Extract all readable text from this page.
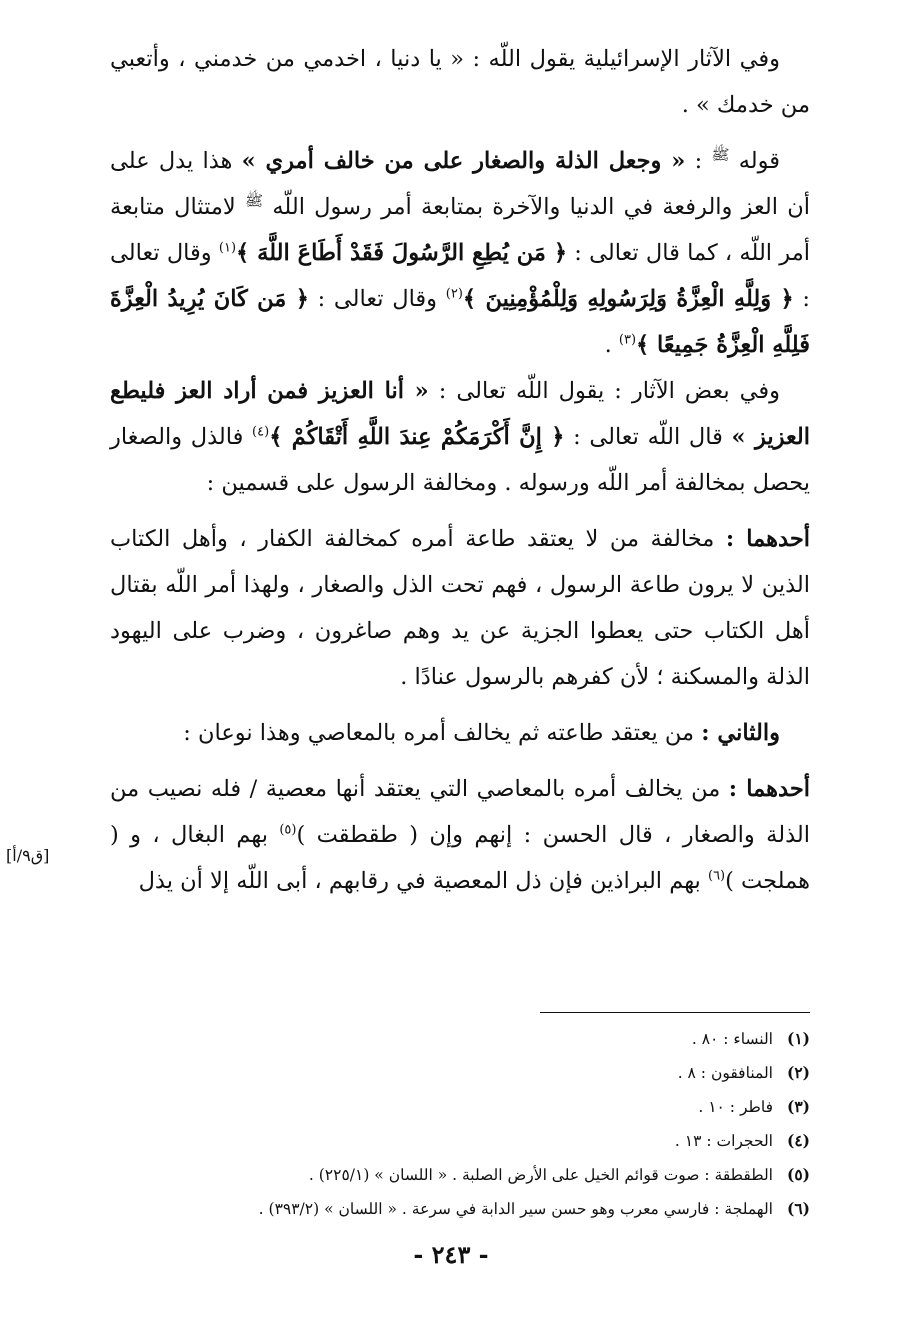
وفي الآثار الإسرائيلية يقول اللّه : « يا دنيا ، اخدمي من خدمني ، وأتعبي من خدمك » .

قوله $^ﷺ$ : « وجعل الذلة والصغار على من خالف أمري » هذا يدل على أن العز والرفعة في الدنيا والآخرة بمتابعة أمر رسول اللّه $^ﷺ$ لامتثال متابعة أمر اللّه ، كما قال تعالى : ﴿ مَن يُطِعِ الرَّسُولَ فَقَدْ أَطَاعَ اللَّهَ ﴾$^{(١)}$ وقال تعالى : ﴿ وَلِلَّهِ الْعِزَّةُ وَلِرَسُولِهِ وَلِلْمُؤْمِنِينَ ﴾$^{(٢)}$ وقال تعالى : ﴿ مَن كَانَ يُرِيدُ الْعِزَّةَ فَلِلَّهِ الْعِزَّةُ جَمِيعًا ﴾$^{(٣)}$ .

وفي بعض الآثار : يقول اللّه تعالى : « أنا العزيز فمن أراد العز فليطع العزيز » قال اللّه تعالى : ﴿ إِنَّ أَكْرَمَكُمْ عِندَ اللَّهِ أَتْقَاكُمْ ﴾$^{(٤)}$ فالذل والصغار يحصل بمخالفة أمر اللّه ورسوله . ومخالفة الرسول على قسمين :

أحدهما : مخالفة من لا يعتقد طاعة أمره كمخالفة الكفار ، وأهل الكتاب الذين لا يرون طاعة الرسول ، فهم تحت الذل والصغار ، ولهذا أمر اللّه بقتال أهل الكتاب حتى يعطوا الجزية عن يد وهم صاغرون ، وضرب على اليهود الذلة والمسكنة ؛ لأن كفرهم بالرسول عنادًا .

والثاني : من يعتقد طاعته ثم يخالف أمره بالمعاصي وهذا نوعان :

أحدهما : من يخالف أمره بالمعاصي التي يعتقد أنها معصية / فله نصيب من الذلة والصغار ، قال الحسن : إنهم وإن ( طقطقت )$^{(٥)}$ بهم البغال ، و ( هملجت )$^{(٦)}$ بهم البراذين فإن ذل المعصية في رقابهم ، أبى اللّه إلا أن يذل

[ق٩/أ]
(١)
النساء : ٨٠ .
(٢)
المنافقون : ٨ .
(٣)
فاطر : ١٠ .
(٤)
الحجرات : ١٣ .
(٥)
الطقطقة : صوت قوائم الخيل على الأرض الصلبة . « اللسان » (٢٢٥/١) .
(٦)
الهملجة : فارسي معرب وهو حسن سير الدابة في سرعة . « اللسان » (٣٩٣/٢) .
- ٢٤٣ -
